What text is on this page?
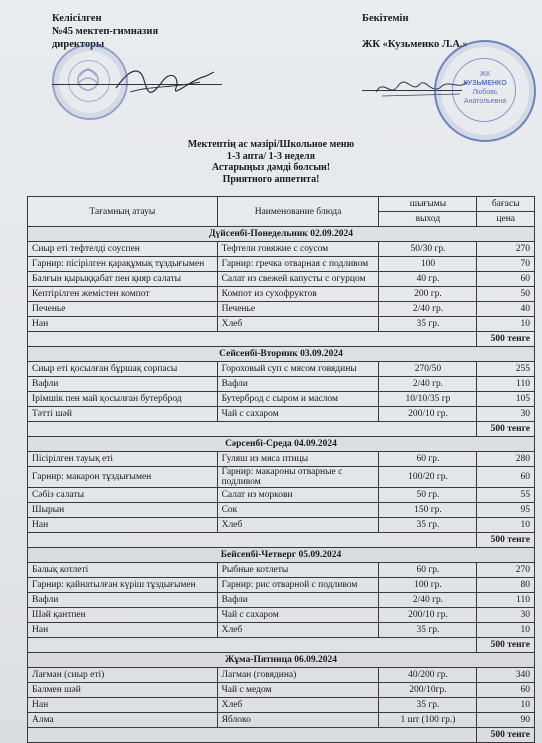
Келісілген
№45 мектеп-гимназия
директоры
Бекітемін
ЖК «Кузьменко Л.А.»
ЖК
КУЗЬМЕНКО
Любовь
Анатольевна
Мектептің ас мәзірі/Школьное меню
1-3 апта/ 1-3 неделя
Астарыңыз дәмді болсын!
Приятного аппетита!
Тағамның атауы	Наименование блюда	шығымы	бағасы
		выход	цена
Дүйсенбі-Понедельник 02.09.2024			
Сиыр еті тефтелді соуспен	Тефтели говяжие с соусом	50/30 гр.	270
Гарнир: пісірілген қарақұмық тұздығымен	Гарнир: гречка отварная с подливом	100	70
Балғын қырыққабат пен қияр салаты	Салат из свежей капусты с огурцом	40 гр.	60
Кептірілген жемістен компот	Компот из сухофруктов	200 гр.	50
Печенье	Печенье	2/40 гр.	40
Нан	Хлеб	35 гр.	10
			500 тенге
Сейсенбі-Вторник 03.09.2024			
Сиыр еті қосылған бұршақ сорпасы	Гороховый суп с мясом говядины	270/50	255
Вафли	Вафли	2/40 гр.	110
Ірімшік пен май қосылған бутерброд	Бутерброд с сыром и маслом	10/10/35 гр	105
Тәтті шәй	Чай с сахаром	200/10 гр.	30
			500 тенге
Сәрсенбі-Среда 04.09.2024			
Пісірілген тауық еті	Гуляш из мяса птицы	60 гр.	280
Гарнир: макарон тұздығымен	Гарнир: макароны отварные с подливом	100/20 гр.	60
Сәбіз салаты	Салат из моркови	50 гр.	55
Шырын	Сок	150 гр.	95
Нан	Хлеб	35 гр.	10
			500 тенге
Бейсенбі-Четверг 05.09.2024			
Балық котлеті	Рыбные котлеты	60 гр.	270
Гарнир: қайнатылған күріш тұздығымен	Гарнир: рис отварной с подливом	100 гр.	80
Вафли	Вафли	2/40 гр.	110
Шәй қантпен	Чай с сахаром	200/10 гр.	30
Нан	Хлеб	35 гр.	10
			500 тенге
Жұма-Пятница 06.09.2024			
Лағман (сиыр еті)	Лагман (говядина)	40/200 гр.	340
Балмен шәй	Чай с медом	200/10гр.	60
Нан	Хлеб	35 гр.	10
Алма	Яблоко	1 шт (100 гр.)	90
			500 тенге
